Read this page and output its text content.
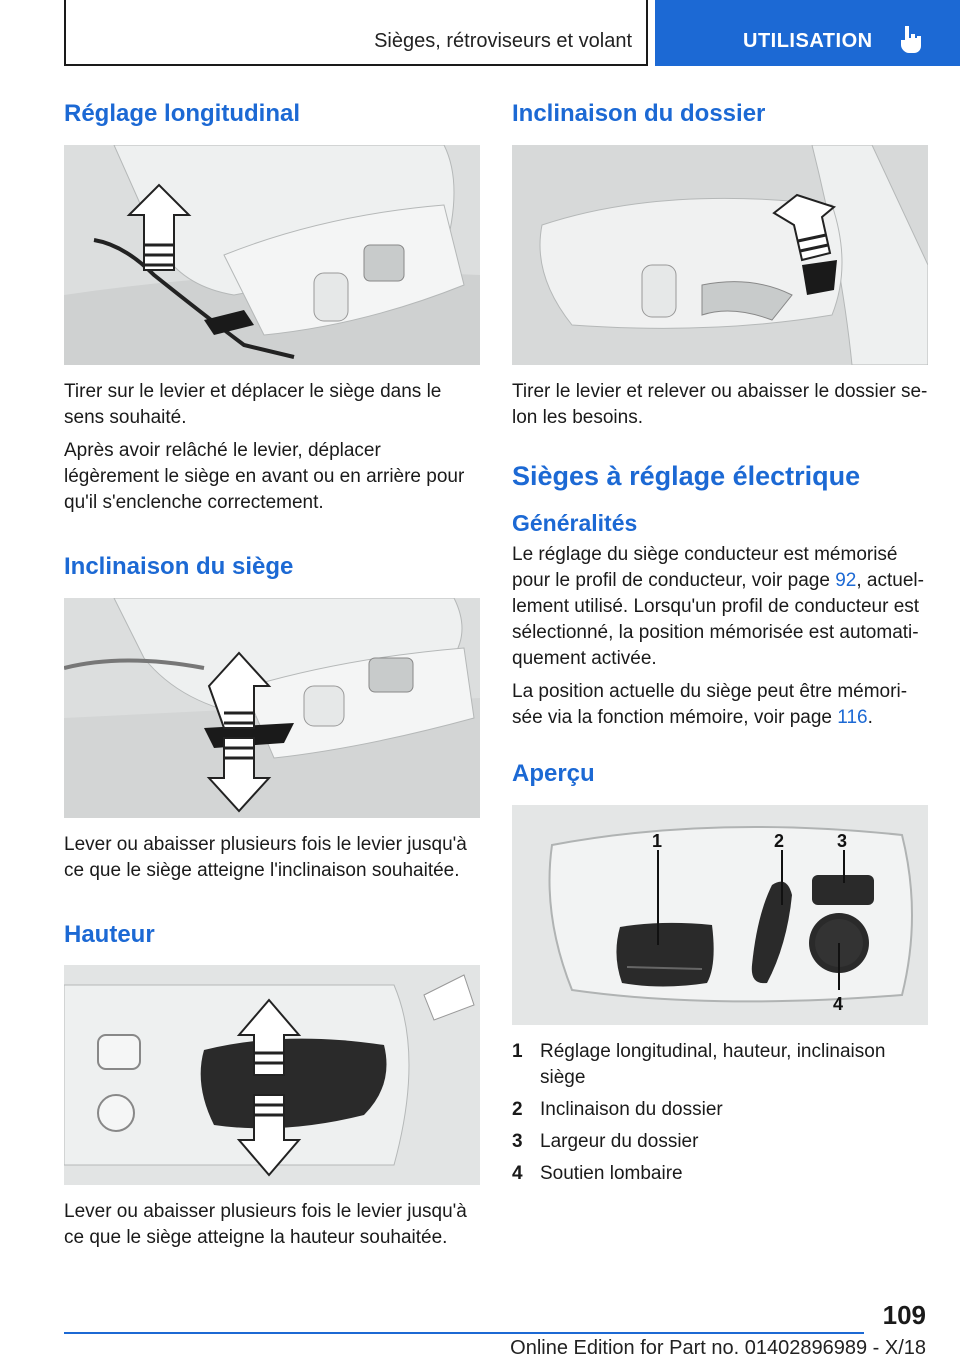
Sièges, rétroviseurs et volant	UTILISATION
Réglage longitudinal

Tirer sur le levier et déplacer le siège dans le sens souhaité.

Après avoir relâché le levier, déplacer légèrement le siège en avant ou en arrière pour qu'il s'enclenche correctement.

Inclinaison du siège

Lever ou abaisser plusieurs fois le levier jusqu'à ce que le siège atteigne l'inclinaison souhaitée.

Hauteur

Lever ou abaisser plusieurs fois le levier jusqu'à ce que le siège atteigne la hauteur souhaitée.

Inclinaison du dossier

Tirer le levier et relever ou abaisser le dossier selon les besoins.

Sièges à réglage électrique
Généralités

Le réglage du siège conducteur est mémorisé pour le profil de conducteur, voir page 92, actuellement utilisé. Lorsqu'un profil de conducteur est sélectionné, la position mémorisée est automatiquement activée.

La position actuelle du siège peut être mémorisée via la fonction mémoire, voir page 116.

Aperçu
1	2	3
4
1 Réglage longitudinal, hauteur, inclinaison siège
2 Inclinaison du dossier
3 Largeur du dossier
4 Soutien lombaire
109
Online Edition for Part no. 01402896989 - X/18
